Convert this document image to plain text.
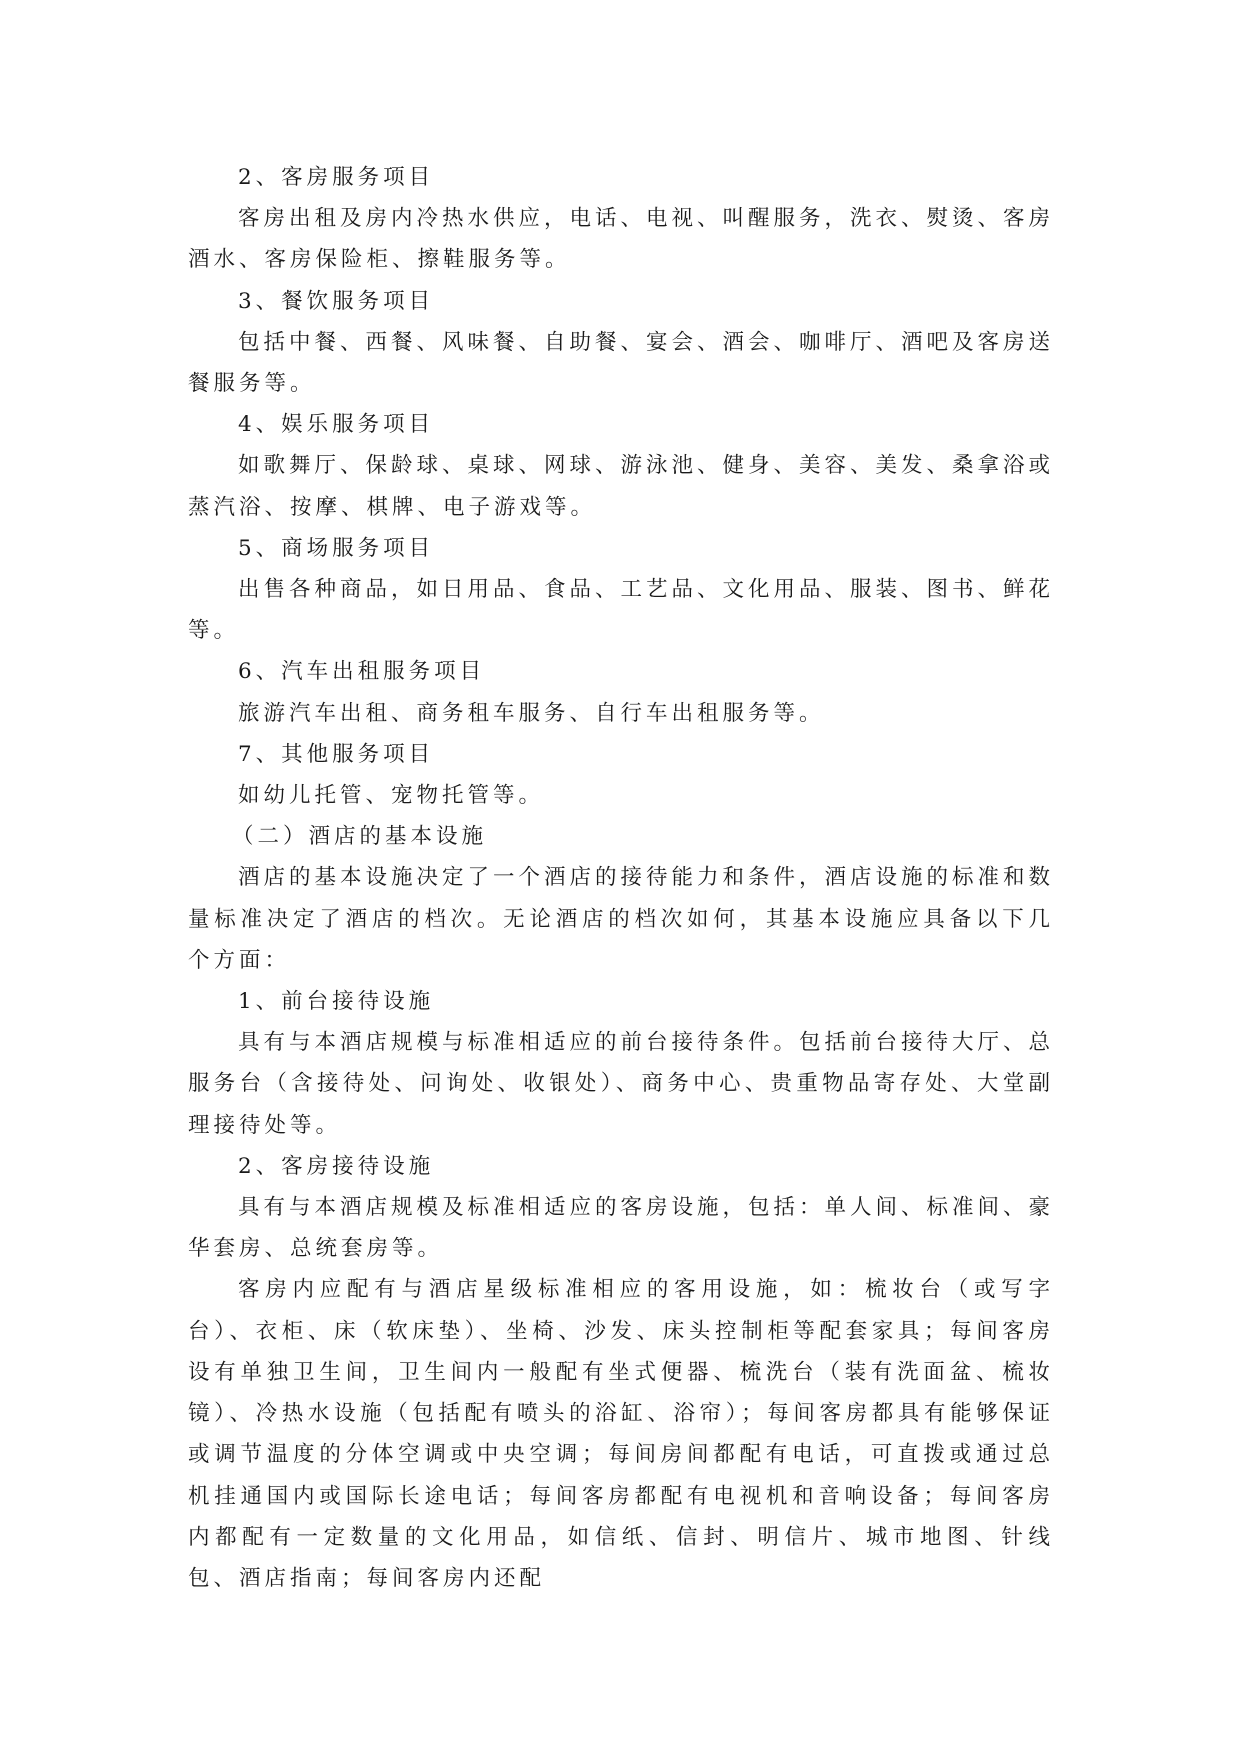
2、客房服务项目

客房出租及房内冷热水供应，电话、电视、叫醒服务，洗衣、熨烫、客房酒水、客房保险柜、擦鞋服务等。

3、餐饮服务项目

包括中餐、西餐、风味餐、自助餐、宴会、酒会、咖啡厅、酒吧及客房送餐服务等。

4、娱乐服务项目

如歌舞厅、保龄球、桌球、网球、游泳池、健身、美容、美发、桑拿浴或蒸汽浴、按摩、棋牌、电子游戏等。

5、商场服务项目

出售各种商品，如日用品、食品、工艺品、文化用品、服装、图书、鲜花等。

6、汽车出租服务项目

旅游汽车出租、商务租车服务、自行车出租服务等。

7、其他服务项目

如幼儿托管、宠物托管等。

（二）酒店的基本设施

酒店的基本设施决定了一个酒店的接待能力和条件，酒店设施的标准和数量标准决定了酒店的档次。无论酒店的档次如何，其基本设施应具备以下几个方面：

1、前台接待设施

具有与本酒店规模与标准相适应的前台接待条件。包括前台接待大厅、总服务台（含接待处、问询处、收银处）、商务中心、贵重物品寄存处、大堂副理接待处等。

2、客房接待设施

具有与本酒店规模及标准相适应的客房设施，包括：单人间、标准间、豪华套房、总统套房等。

客房内应配有与酒店星级标准相应的客用设施，如：梳妆台（或写字台）、衣柜、床（软床垫）、坐椅、沙发、床头控制柜等配套家具；每间客房设有单独卫生间，卫生间内一般配有坐式便器、梳洗台（装有洗面盆、梳妆镜）、冷热水设施（包括配有喷头的浴缸、浴帘）；每间客房都具有能够保证或调节温度的分体空调或中央空调；每间房间都配有电话，可直拨或通过总机挂通国内或国际长途电话；每间客房都配有电视机和音响设备；每间客房内都配有一定数量的文化用品，如信纸、信封、明信片、城市地图、针线包、酒店指南；每间客房内还配
